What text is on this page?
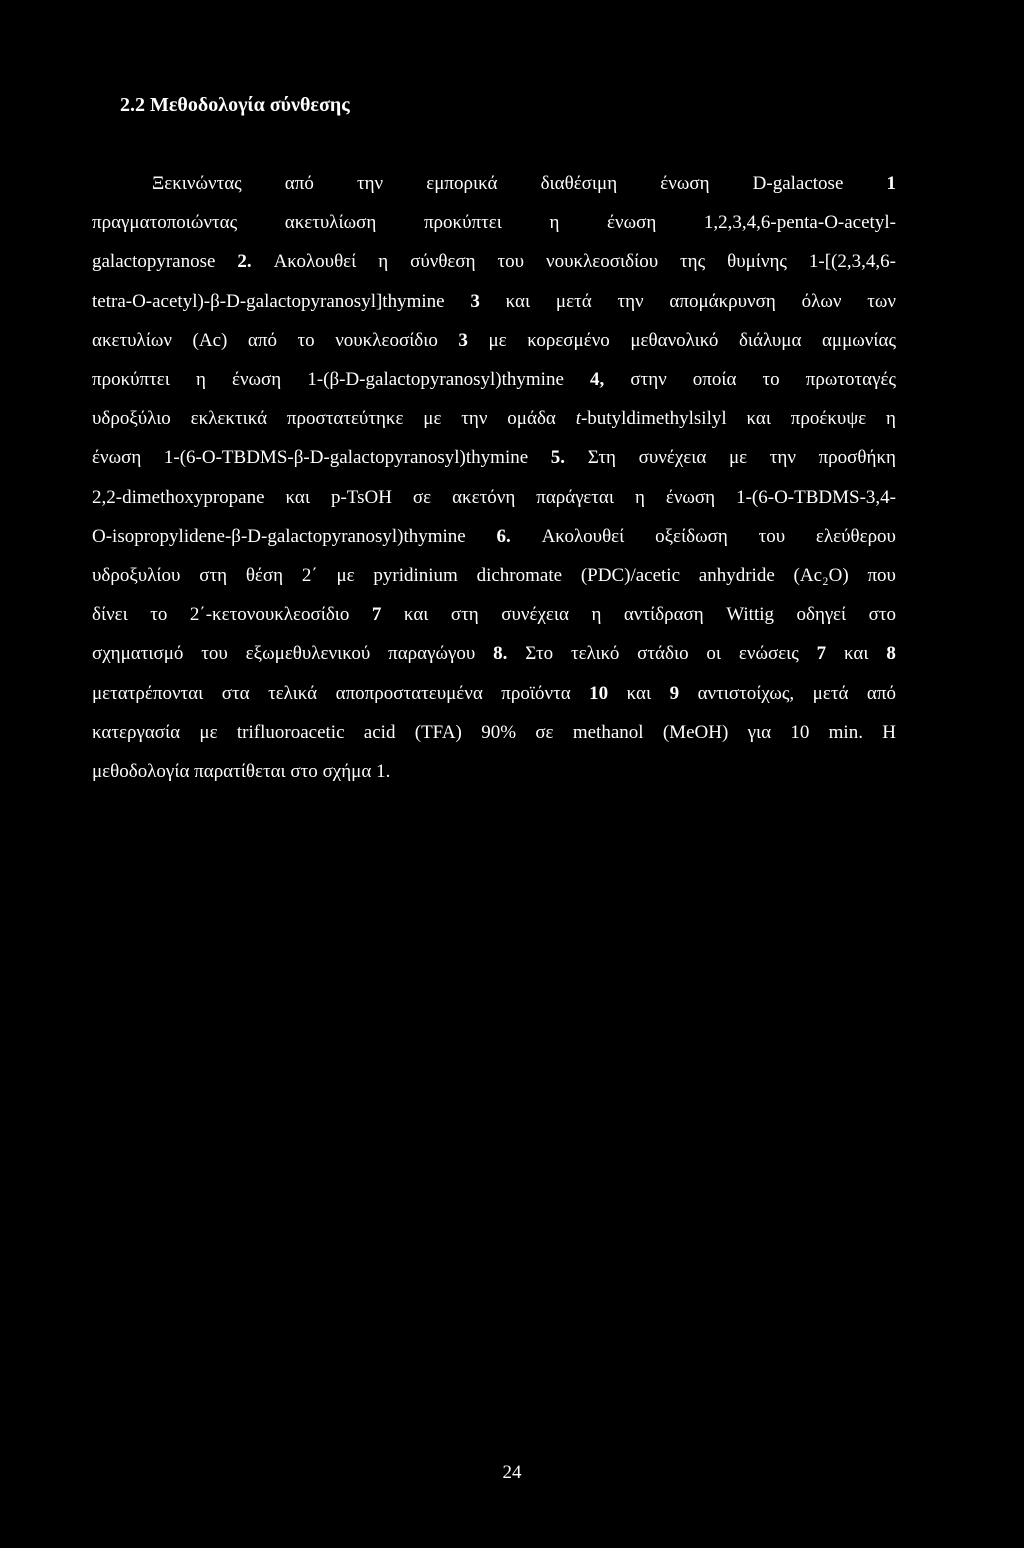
2.2 Μεθοδολογία σύνθεσης

Ξεκινώντας από την εμπορικά διαθέσιμη ένωση D-galactose 1

πραγματοποιώντας	ακετυλίωση	προκύπτει	η	ένωση	1,2,3,4,6-penta-O-acetyl-

galactopyranose 2. Ακολουθεί η σύνθεση του νουκλεοσιδίου της θυμίνης 1-[(2,3,4,6-

tetra-O-acetyl)-β-D-galactopyranosyl]thymine 3 και μετά την απομάκρυνση όλων των

ακετυλίων (Ac) από το νουκλεοσίδιο 3 με κορεσμένο μεθανολικό διάλυμα αμμωνίας

προκύπτει η ένωση 1-(β-D-galactopyranosyl)thymine 4, στην οποία το πρωτοταγές

υδροξύλιο εκλεκτικά προστατεύτηκε με την ομάδα t-butyldimethylsilyl και προέκυψε η

ένωση 1-(6-O-TBDMS-β-D-galactopyranosyl)thymine 5. Στη συνέχεια με την προσθήκη

2,2-dimethoxypropane και p-TsOH σε ακετόνη παράγεται η ένωση 1-(6-O-TBDMS-3,4-

O-isopropylidene-β-D-galactopyranosyl)thymine 6. Ακολουθεί οξείδωση του ελεύθερου

υδροξυλίου στη θέση 2΄ με pyridinium dichromate (PDC)/acetic anhydride (Ac₂O) που

δίνει το 2΄-κετονουκλεοσίδιο 7 και στη συνέχεια η αντίδραση Wittig οδηγεί στο

σχηματισμό του εξωμεθυλενικού παραγώγου 8. Στο τελικό στάδιο οι ενώσεις 7 και 8

μετατρέπονται στα τελικά αποπροστατευμένα προϊόντα 10 και 9 αντιστοίχως, μετά από

κατεργασία με trifluoroacetic acid (TFA) 90% σε methanol (MeOH) για 10 min. Η

μεθοδολογία παρατίθεται στο σχήμα 1.

24
